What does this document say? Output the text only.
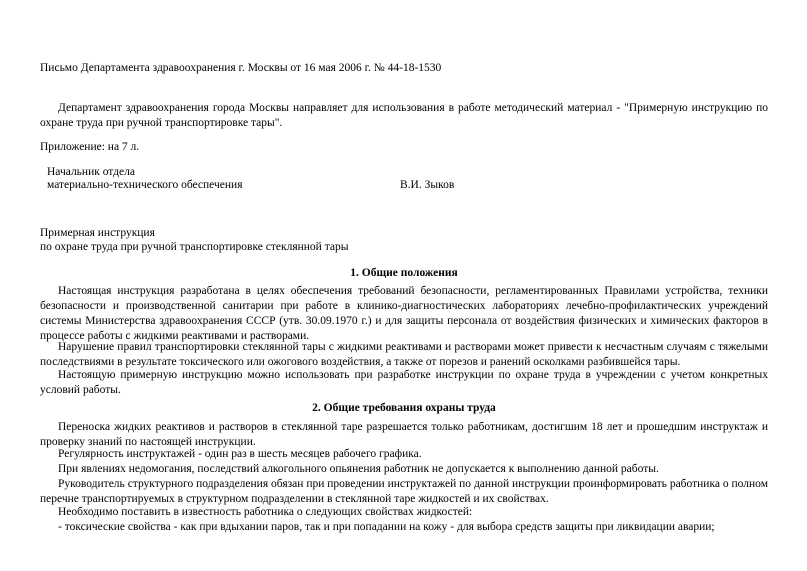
Письмо Департамента здравоохранения г. Москвы от 16 мая 2006 г. № 44-18-1530

Департамент здравоохранения города Москвы направляет для использования в работе методический материал - "Примерную инструкцию по охране труда при ручной транспортировке тары".

Приложение: на 7 л.
Начальник отдела
материально-технического обеспечения	В.И. Зыков
Примерная инструкция
по охране труда при ручной транспортировке стеклянной тары
1. Общие положения

Настоящая инструкция разработана в целях обеспечения требований безопасности, регламентированных Правилами устройства, техники безопасности и производственной санитарии при работе в клинико-диагностических лабораториях лечебно-профилактических учреждений системы Министерства здравоохранения СССР (утв. 30.09.1970 г.) и для защиты персонала от воздействия физических и химических факторов в процессе работы с жидкими реактивами и растворами.

Нарушение правил транспортировки стеклянной тары с жидкими реактивами и растворами может привести к несчастным случаям с тяжелыми последствиями в результате токсического или ожогового воздействия, а также от порезов и ранений осколками разбившейся тары.

Настоящую примерную инструкцию можно использовать при разработке инструкции по охране труда в учреждении с учетом конкретных условий работы.

2. Общие требования охраны труда

Переноска жидких реактивов и растворов в стеклянной таре разрешается только работникам, достигшим 18 лет и прошедшим инструктаж и проверку знаний по настоящей инструкции.

Регулярность инструктажей - один раз в шесть месяцев рабочего графика.

При явлениях недомогания, последствий алкогольного опьянения работник не допускается к выполнению данной работы.

Руководитель структурного подразделения обязан при проведении инструктажей по данной инструкции проинформировать работника о полном перечне транспортируемых в структурном подразделении в стеклянной таре жидкостей и их свойствах.

Необходимо поставить в известность работника о следующих свойствах жидкостей:

- токсические свойства - как при вдыхании паров, так и при попадании на кожу - для выбора средств защиты при ликвидации аварии;
